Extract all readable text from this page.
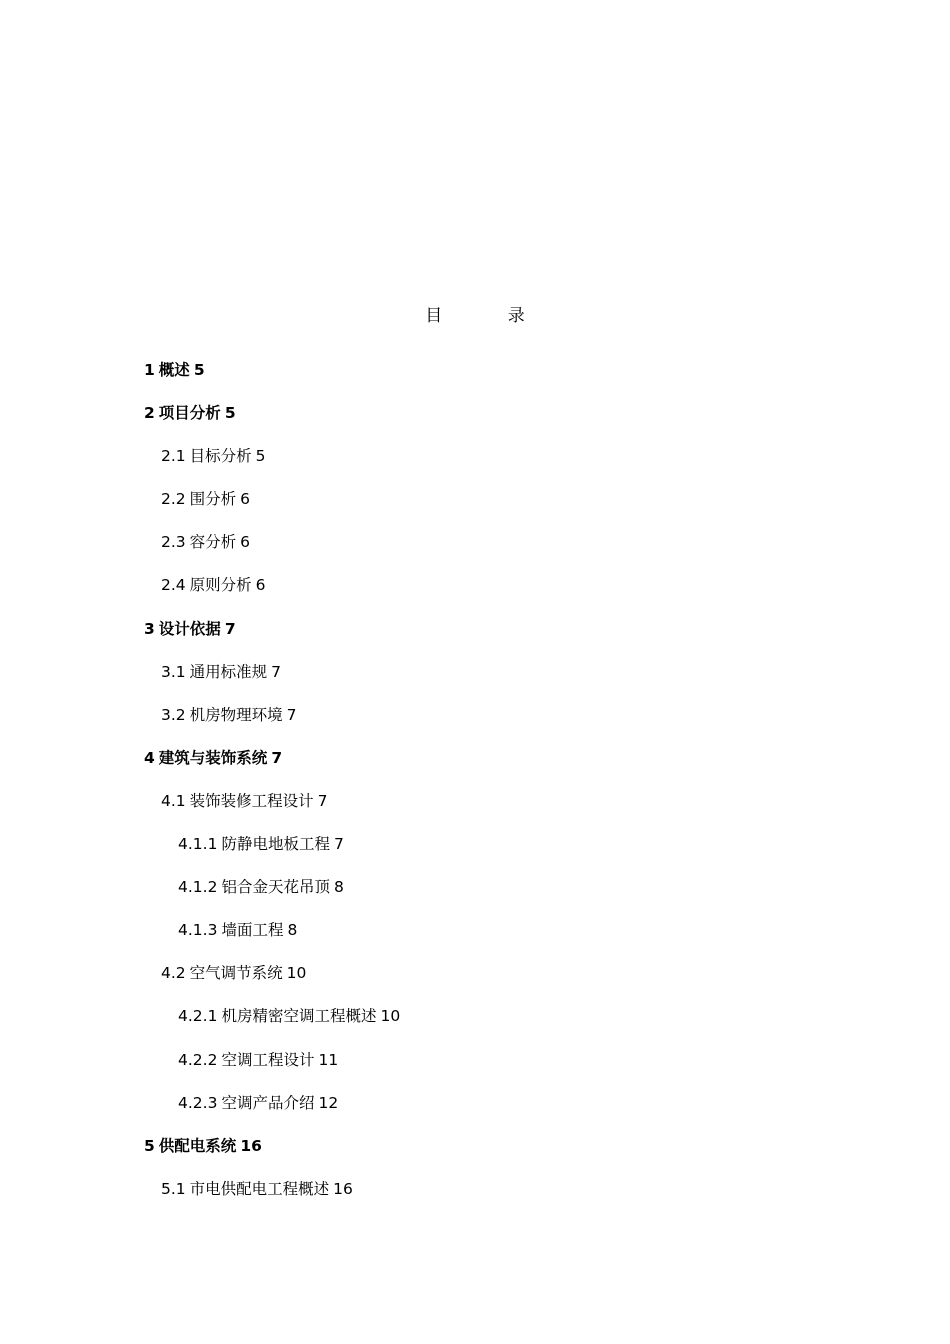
目 录
1 概述 5
2 项目分析 5
2.1 目标分析 5
2.2 围分析 6
2.3 容分析 6
2.4 原则分析 6
3 设计依据 7
3.1 通用标准规 7
3.2 机房物理环境 7
4 建筑与装饰系统 7
4.1 装饰装修工程设计 7
4.1.1 防静电地板工程 7
4.1.2 铝合金天花吊顶 8
4.1.3 墙面工程 8
4.2 空气调节系统 10
4.2.1 机房精密空调工程概述 10
4.2.2 空调工程设计 11
4.2.3 空调产品介绍 12
5 供配电系统 16
5.1 市电供配电工程概述 16
